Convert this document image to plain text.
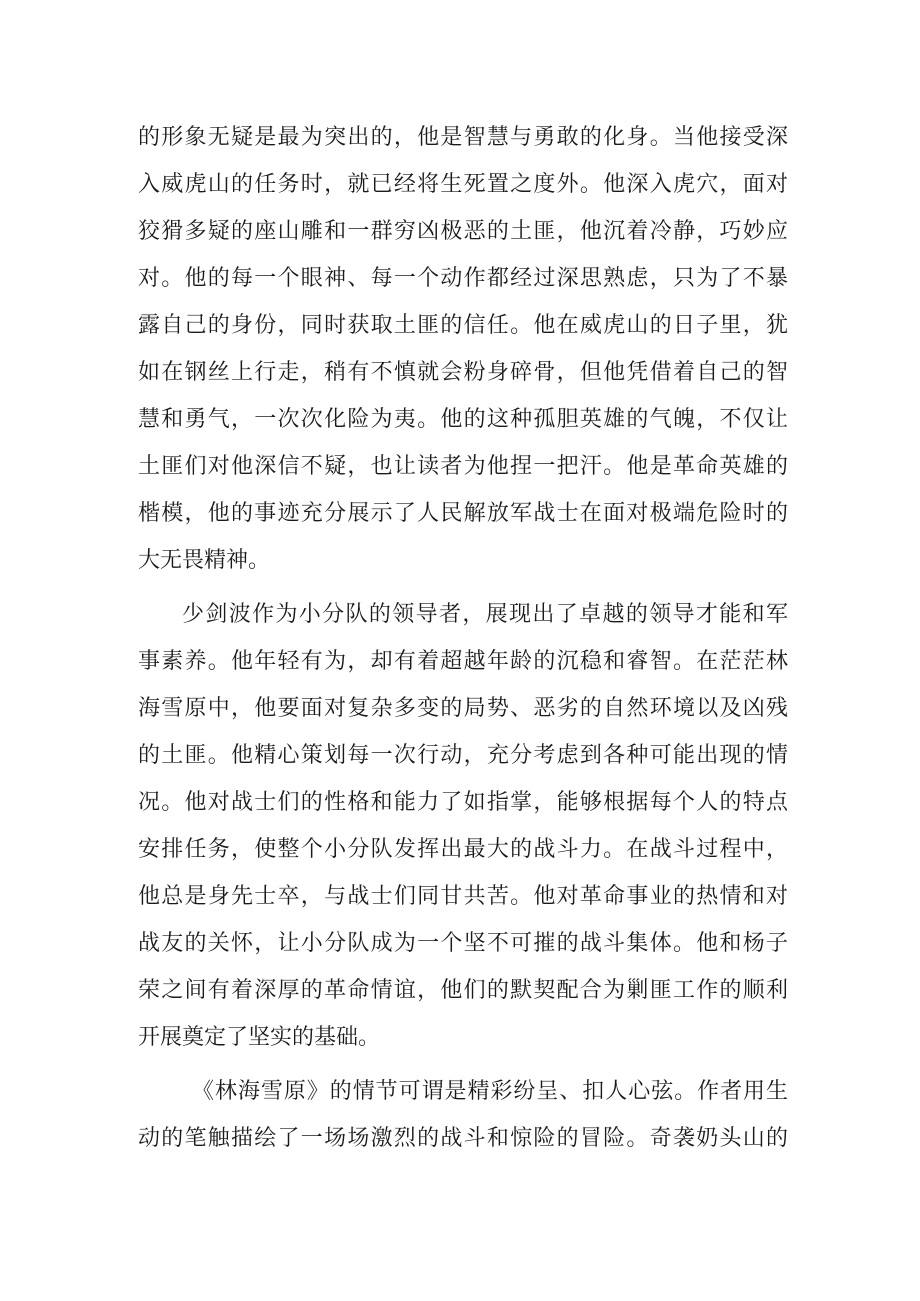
的形象无疑是最为突出的，他是智慧与勇敢的化身。当他接受深
入威虎山的任务时，就已经将生死置之度外。他深入虎穴，面对
狡猾多疑的座山雕和一群穷凶极恶的土匪，他沉着冷静，巧妙应
对。他的每一个眼神、每一个动作都经过深思熟虑，只为了不暴
露自己的身份，同时获取土匪的信任。他在威虎山的日子里，犹
如在钢丝上行走，稍有不慎就会粉身碎骨，但他凭借着自己的智
慧和勇气，一次次化险为夷。他的这种孤胆英雄的气魄，不仅让
土匪们对他深信不疑，也让读者为他捏一把汗。他是革命英雄的
楷模，他的事迹充分展示了人民解放军战士在面对极端危险时的
大无畏精神。
少剑波作为小分队的领导者，展现出了卓越的领导才能和军
事素养。他年轻有为，却有着超越年龄的沉稳和睿智。在茫茫林
海雪原中，他要面对复杂多变的局势、恶劣的自然环境以及凶残
的土匪。他精心策划每一次行动，充分考虑到各种可能出现的情
况。他对战士们的性格和能力了如指掌，能够根据每个人的特点
安排任务，使整个小分队发挥出最大的战斗力。在战斗过程中，
他总是身先士卒，与战士们同甘共苦。他对革命事业的热情和对
战友的关怀，让小分队成为一个坚不可摧的战斗集体。他和杨子
荣之间有着深厚的革命情谊，他们的默契配合为剿匪工作的顺利
开展奠定了坚实的基础。
《林海雪原》的情节可谓是精彩纷呈、扣人心弦。作者用生
动的笔触描绘了一场场激烈的战斗和惊险的冒险。奇袭奶头山的
